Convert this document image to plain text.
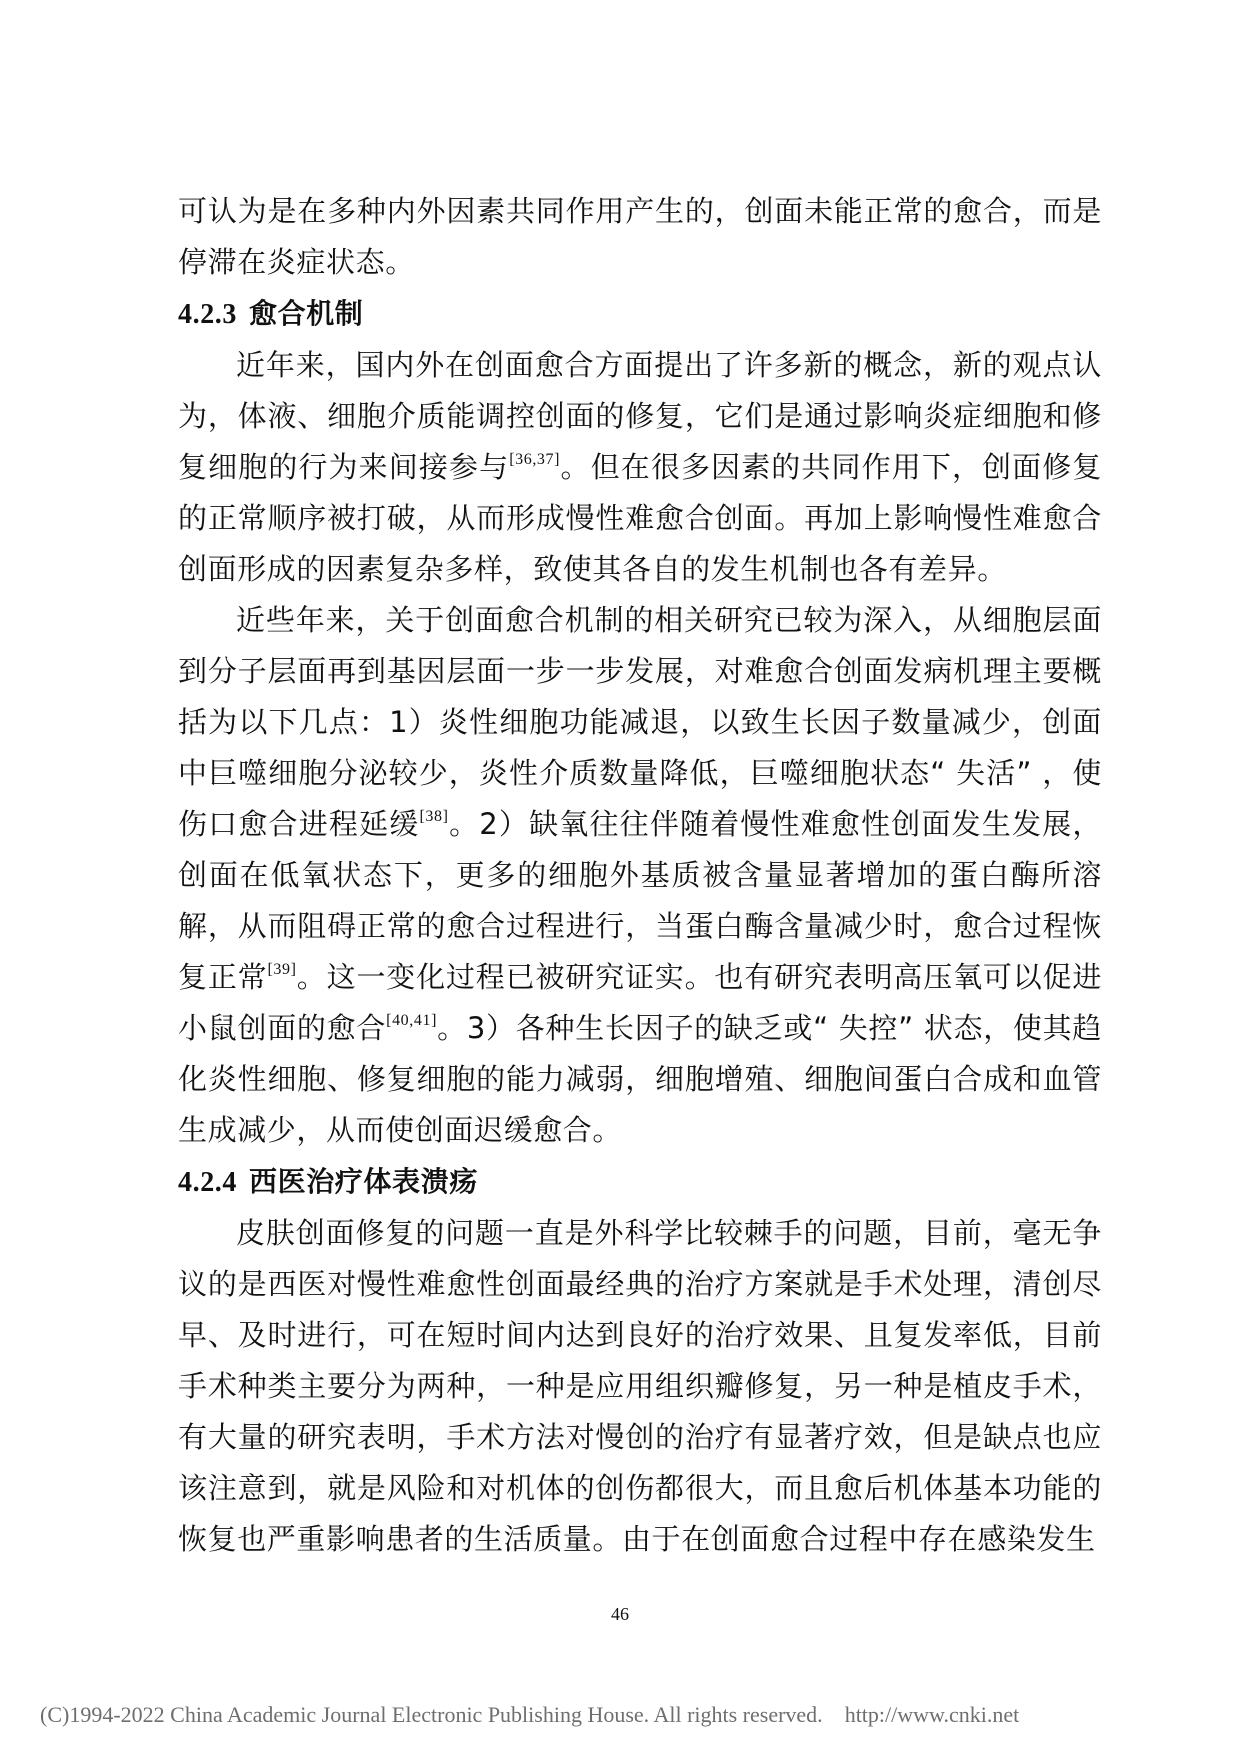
可认为是在多种内外因素共同作用产生的，创面未能正常的愈合，而是停滞在炎症状态。

4.2.3 愈合机制

近年来，国内外在创面愈合方面提出了许多新的概念，新的观点认为，体液、细胞介质能调控创面的修复，它们是通过影响炎症细胞和修复细胞的行为来间接参与[36,37]。但在很多因素的共同作用下，创面修复的正常顺序被打破，从而形成慢性难愈合创面。再加上影响慢性难愈合创面形成的因素复杂多样，致使其各自的发生机制也各有差异。

近些年来，关于创面愈合机制的相关研究已较为深入，从细胞层面到分子层面再到基因层面一步一步发展，对难愈合创面发病机理主要概括为以下几点：1）炎性细胞功能减退，以致生长因子数量减少，创面中巨噬细胞分泌较少，炎性介质数量降低，巨噬细胞状态“ 失活” ，使伤口愈合进程延缓[38]。2）缺氧往往伴随着慢性难愈性创面发生发展，创面在低氧状态下，更多的细胞外基质被含量显著增加的蛋白酶所溶解，从而阻碍正常的愈合过程进行，当蛋白酶含量减少时，愈合过程恢复正常[39]。这一变化过程已被研究证实。也有研究表明高压氧可以促进小鼠创面的愈合[40,41]。3）各种生长因子的缺乏或“ 失控” 状态，使其趋化炎性细胞、修复细胞的能力减弱，细胞增殖、细胞间蛋白合成和血管生成减少，从而使创面迟缓愈合。

4.2.4 西医治疗体表溃疡

皮肤创面修复的问题一直是外科学比较棘手的问题，目前，毫无争议的是西医对慢性难愈性创面最经典的治疗方案就是手术处理，清创尽早、及时进行，可在短时间内达到良好的治疗效果、且复发率低，目前手术种类主要分为两种，一种是应用组织瓣修复，另一种是植皮手术，有大量的研究表明，手术方法对慢创的治疗有显著疗效，但是缺点也应该注意到，就是风险和对机体的创伤都很大，而且愈后机体基本功能的恢复也严重影响患者的生活质量。由于在创面愈合过程中存在感染发生

46
(C)1994-2022 China Academic Journal Electronic Publishing House. All rights reserved. http://www.cnki.net
